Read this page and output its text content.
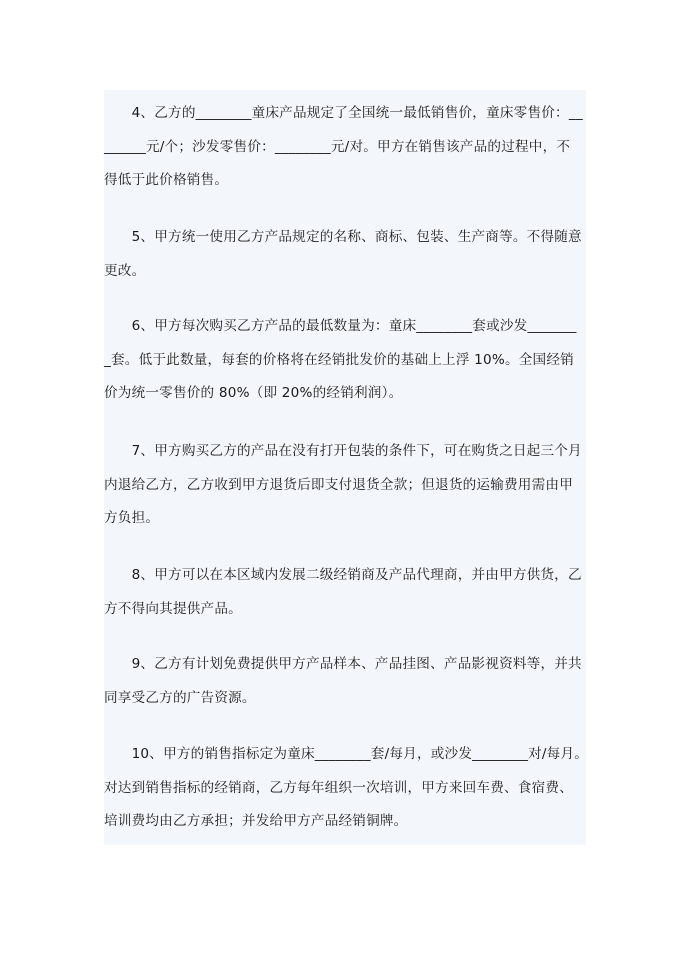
　　4、乙方的________童床产品规定了全国统一最低销售价，童床零售价：__
______元/个；沙发零售价：________元/对。甲方在销售该产品的过程中，不
得低于此价格销售。
　　5、甲方统一使用乙方产品规定的名称、商标、包装、生产商等。不得随意
更改。
　　6、甲方每次购买乙方产品的最低数量为：童床________套或沙发_______
_套。低于此数量，每套的价格将在经销批发价的基础上上浮 10%。全国经销
价为统一零售价的 80%（即 20%的经销利润）。
　　7、甲方购买乙方的产品在没有打开包装的条件下，可在购货之日起三个月
内退给乙方，乙方收到甲方退货后即支付退货全款；但退货的运输费用需由甲
方负担。
　　8、甲方可以在本区域内发展二级经销商及产品代理商，并由甲方供货，乙
方不得向其提供产品。
　　9、乙方有计划免费提供甲方产品样本、产品挂图、产品影视资料等，并共
同享受乙方的广告资源。
　　10、甲方的销售指标定为童床________套/每月，或沙发________对/每月。
对达到销售指标的经销商，乙方每年组织一次培训，甲方来回车费、食宿费、
培训费均由乙方承担；并发给甲方产品经销铜牌。
